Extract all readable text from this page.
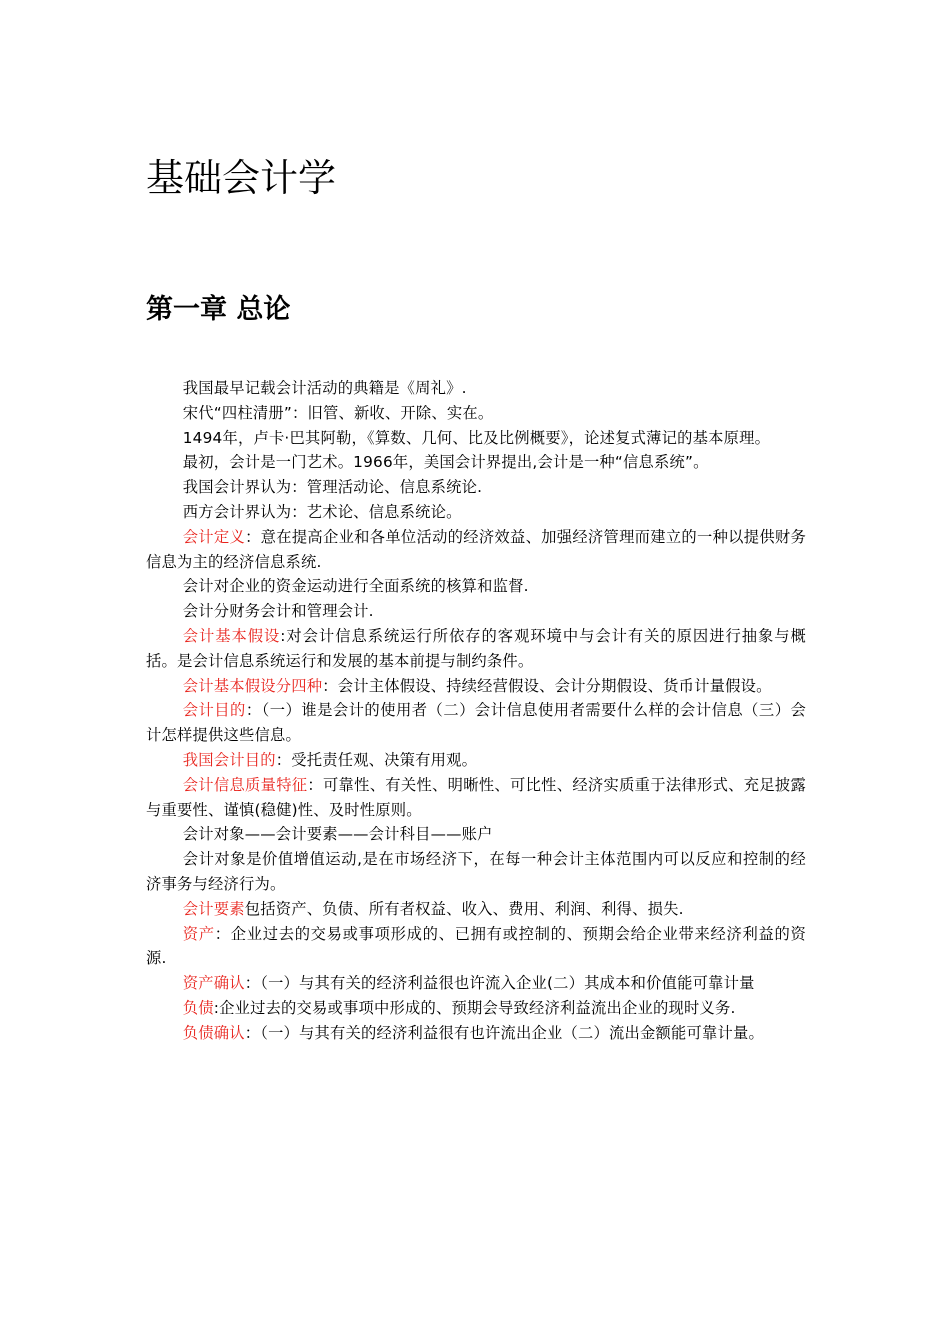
基础会计学
第一章 总论

我国最早记载会计活动的典籍是《周礼》.

宋代“四柱清册”：旧管、新收、开除、实在。

1494年，卢卡·巴其阿勒，《算数、几何、比及比例概要》，论述复式薄记的基本原理。

最初，会计是一门艺术。1966年，美国会计界提出,会计是一种“信息系统”。

我国会计界认为：管理活动论、信息系统论.

西方会计界认为：艺术论、信息系统论。

会计定义：意在提高企业和各单位活动的经济效益、加强经济管理而建立的一种以提供财务信息为主的经济信息系统.

会计对企业的资金运动进行全面系统的核算和监督.

会计分财务会计和管理会计.

会计基本假设:对会计信息系统运行所依存的客观环境中与会计有关的原因进行抽象与概括。是会计信息系统运行和发展的基本前提与制约条件。

会计基本假设分四种：会计主体假设、持续经营假设、会计分期假设、货币计量假设。

会计目的：（一）谁是会计的使用者（二）会计信息使用者需要什么样的会计信息（三）会计怎样提供这些信息。

我国会计目的：受托责任观、决策有用观。

会计信息质量特征：可靠性、有关性、明晰性、可比性、经济实质重于法律形式、充足披露与重要性、谨慎(稳健)性、及时性原则。

会计对象——会计要素——会计科目——账户

会计对象是价值增值运动,是在市场经济下，在每一种会计主体范围内可以反应和控制的经济事务与经济行为。

会计要素包括资产、负债、所有者权益、收入、费用、利润、利得、损失.

资产：企业过去的交易或事项形成的、已拥有或控制的、预期会给企业带来经济利益的资源.

资产确认：（一）与其有关的经济利益很也许流入企业(二）其成本和价值能可靠计量

负债:企业过去的交易或事项中形成的、预期会导致经济利益流出企业的现时义务.

负债确认：（一）与其有关的经济利益很有也许流出企业（二）流出金额能可靠计量。
